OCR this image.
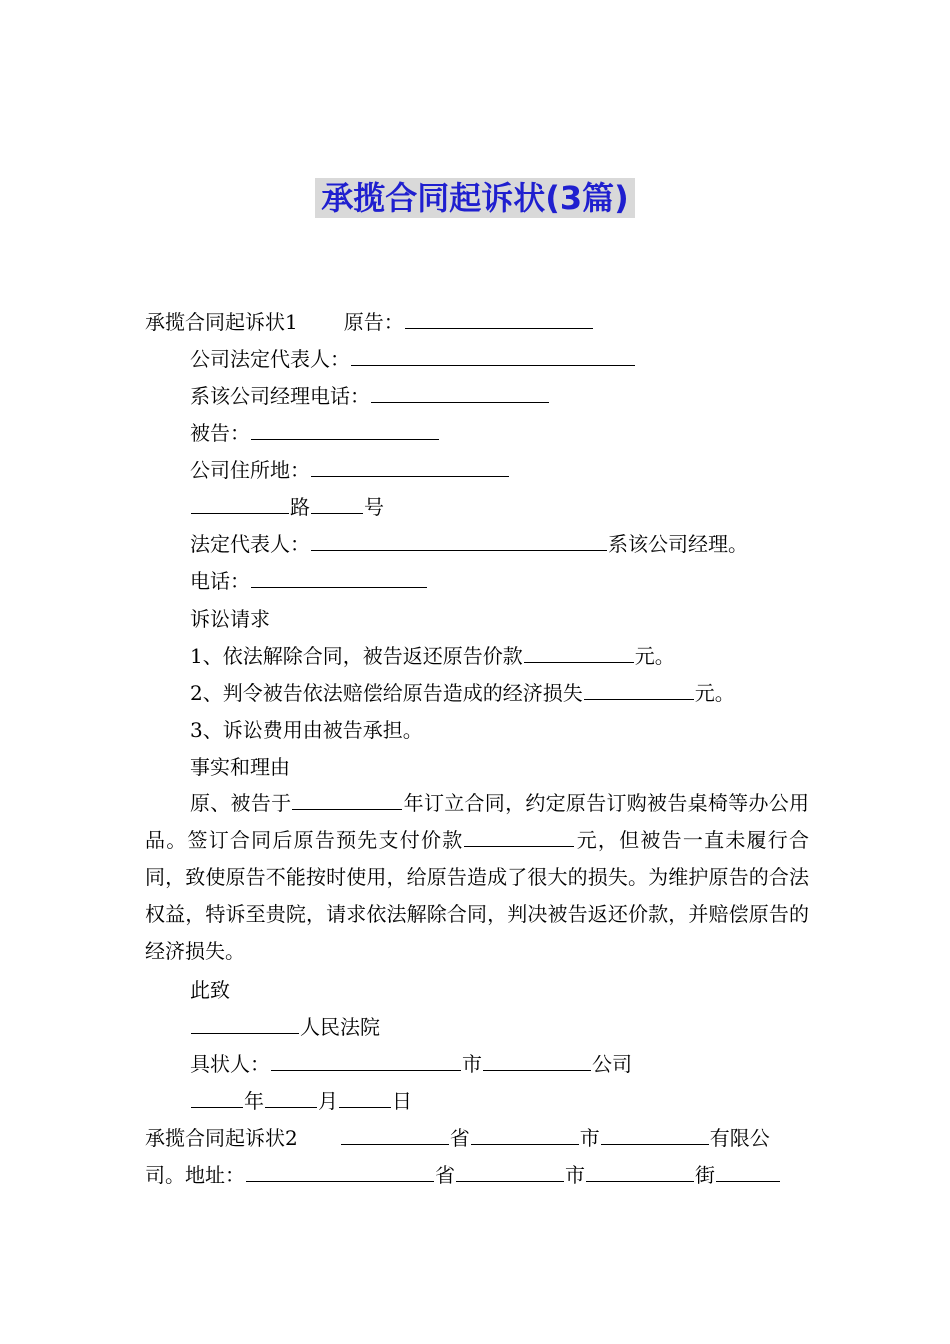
承揽合同起诉状(3篇)
承揽合同起诉状1 原告：
公司法定代表人：
系该公司经理电话：
被告：
公司住所地：
路	号
法定代表人：	系该公司经理。
电话：
诉讼请求
1、依法解除合同，被告返还原告价款	元。
2、判令被告依法赔偿给原告造成的经济损失	元。
3、诉讼费用由被告承担。
事实和理由
原、被告于	年订立合同，约定原告订购被告桌椅等办公用品。签订合同后原告预先支付价款	元，但被告一直未履行合同，致使原告不能按时使用，给原告造成了很大的损失。为维护原告的合法权益，特诉至贵院，请求依法解除合同，判决被告返还价款，并赔偿原告的经济损失。
此致
人民法院
具状人：	市	公司
年	月	日
承揽合同起诉状2	省	市	有限公
司。地址：	省	市	街
